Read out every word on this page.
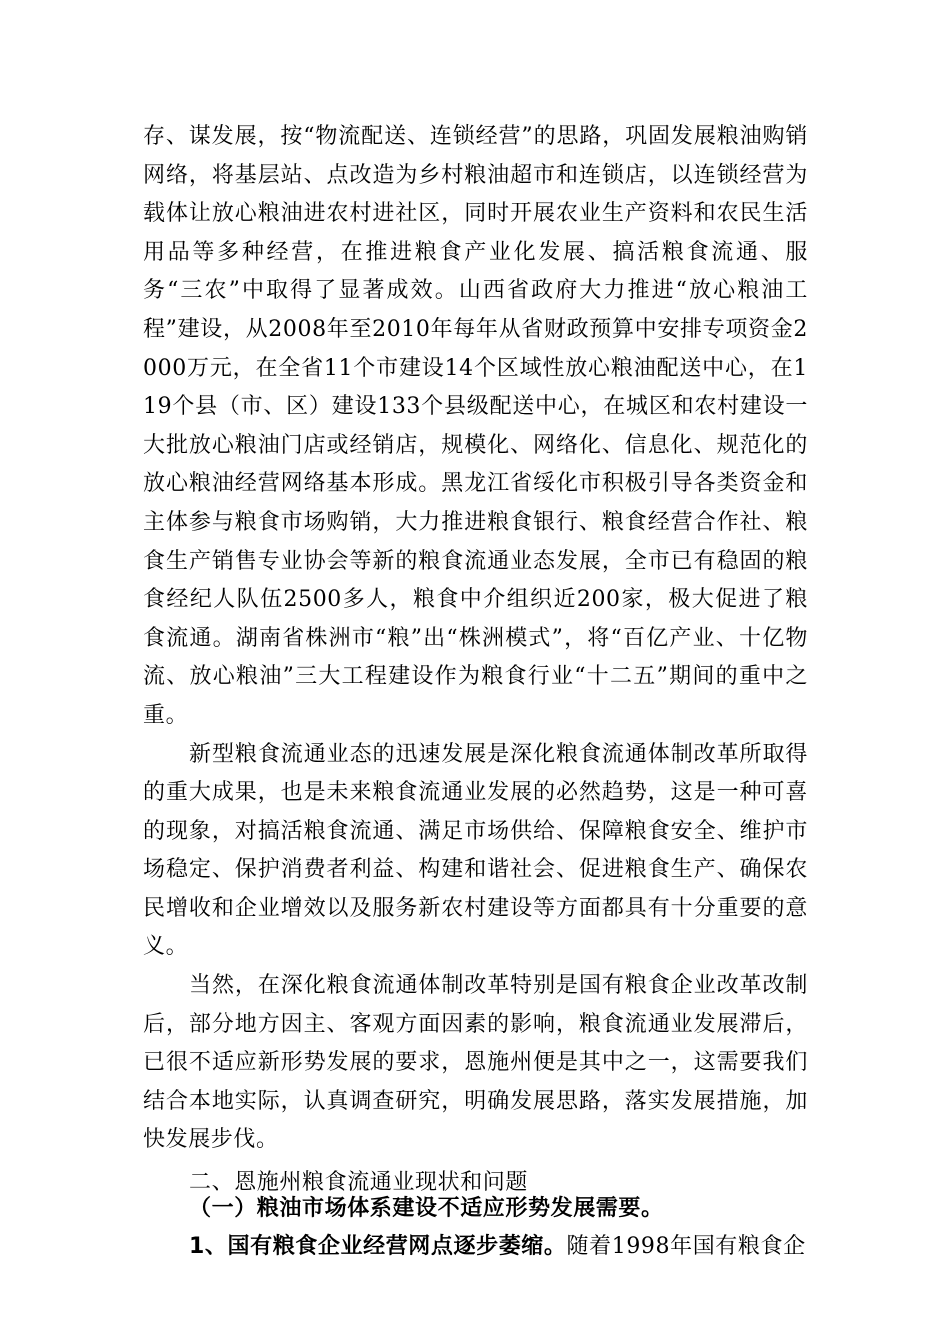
存、谋发展，按“物流配送、连锁经营”的思路，巩固发展粮油购销网络，将基层站、点改造为乡村粮油超市和连锁店，以连锁经营为载体让放心粮油进农村进社区，同时开展农业生产资料和农民生活用品等多种经营，在推进粮食产业化发展、搞活粮食流通、服务“三农”中取得了显著成效。山西省政府大力推进“放心粮油工程”建设，从2008年至2010年每年从省财政预算中安排专项资金2000万元，在全省11个市建设14个区域性放心粮油配送中心，在119个县（市、区）建设133个县级配送中心，在城区和农村建设一大批放心粮油门店或经销店，规模化、网络化、信息化、规范化的放心粮油经营网络基本形成。黑龙江省绥化市积极引导各类资金和主体参与粮食市场购销，大力推进粮食银行、粮食经营合作社、粮食生产销售专业协会等新的粮食流通业态发展，全市已有稳固的粮食经纪人队伍2500多人，粮食中介组织近200家，极大促进了粮食流通。湖南省株洲市“粮”出“株洲模式”，将“百亿产业、十亿物流、放心粮油”三大工程建设作为粮食行业“十二五”期间的重中之重。

新型粮食流通业态的迅速发展是深化粮食流通体制改革所取得的重大成果，也是未来粮食流通业发展的必然趋势，这是一种可喜的现象，对搞活粮食流通、满足市场供给、保障粮食安全、维护市场稳定、保护消费者利益、构建和谐社会、促进粮食生产、确保农民增收和企业增效以及服务新农村建设等方面都具有十分重要的意义。

当然，在深化粮食流通体制改革特别是国有粮食企业改革改制后，部分地方因主、客观方面因素的影响，粮食流通业发展滞后，已很不适应新形势发展的要求，恩施州便是其中之一，这需要我们结合本地实际，认真调查研究，明确发展思路，落实发展措施，加快发展步伐。

二、恩施州粮食流通业现状和问题

（一）粮油市场体系建设不适应形势发展需要。

1、国有粮食企业经营网点逐步萎缩。随着1998年国有粮食企
